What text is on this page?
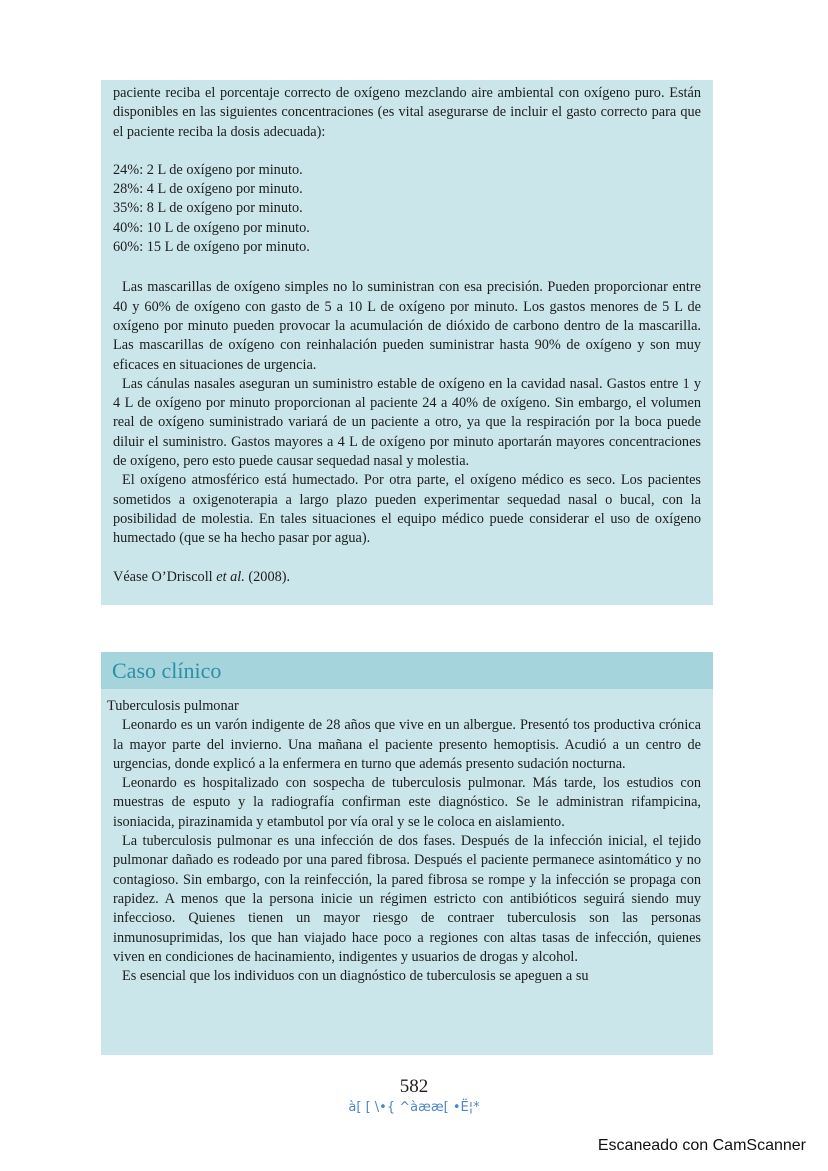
paciente reciba el porcentaje correcto de oxígeno mezclando aire ambiental con oxígeno puro. Están disponibles en las siguientes concentraciones (es vital asegurarse de incluir el gasto correcto para que el paciente reciba la dosis adecuada):

24%: 2 L de oxígeno por minuto.

28%: 4 L de oxígeno por minuto.

35%: 8 L de oxígeno por minuto.

40%: 10 L de oxígeno por minuto.

60%: 15 L de oxígeno por minuto.

Las mascarillas de oxígeno simples no lo suministran con esa precisión. Pueden proporcionar entre 40 y 60% de oxígeno con gasto de 5 a 10 L de oxígeno por minuto. Los gastos menores de 5 L de oxígeno por minuto pueden provocar la acumulación de dióxido de carbono dentro de la mascarilla. Las mascarillas de oxígeno con reinhalación pueden suministrar hasta 90% de oxígeno y son muy eficaces en situaciones de urgencia.

Las cánulas nasales aseguran un suministro estable de oxígeno en la cavidad nasal. Gastos entre 1 y 4 L de oxígeno por minuto proporcionan al paciente 24 a 40% de oxígeno. Sin embargo, el volumen real de oxígeno suministrado variará de un paciente a otro, ya que la respiración por la boca puede diluir el suministro. Gastos mayores a 4 L de oxígeno por minuto aportarán mayores concentraciones de oxígeno, pero esto puede causar sequedad nasal y molestia.

El oxígeno atmosférico está humectado. Por otra parte, el oxígeno médico es seco. Los pacientes sometidos a oxigenoterapia a largo plazo pueden experimentar sequedad nasal o bucal, con la posibilidad de molestia. En tales situaciones el equipo médico puede considerar el uso de oxígeno humectado (que se ha hecho pasar por agua).

Véase O’Driscoll et al. (2008).

Caso clínico

Tuberculosis pulmonar

Leonardo es un varón indigente de 28 años que vive en un albergue. Presentó tos productiva crónica la mayor parte del invierno. Una mañana el paciente presento hemoptisis. Acudió a un centro de urgencias, donde explicó a la enfermera en turno que además presento sudación nocturna.

Leonardo es hospitalizado con sospecha de tuberculosis pulmonar. Más tarde, los estudios con muestras de esputo y la radiografía confirman este diagnóstico. Se le administran rifampicina, isoniacida, pirazinamida y etambutol por vía oral y se le coloca en aislamiento.

La tuberculosis pulmonar es una infección de dos fases. Después de la infección inicial, el tejido pulmonar dañado es rodeado por una pared fibrosa. Después el paciente permanece asintomático y no contagioso. Sin embargo, con la reinfección, la pared fibrosa se rompe y la infección se propaga con rapidez. A menos que la persona inicie un régimen estricto con antibióticos seguirá siendo muy infeccioso. Quienes tienen un mayor riesgo de contraer tuberculosis son las personas inmunosuprimidas, los que han viajado hace poco a regiones con altas tasas de infección, quienes viven en condiciones de hacinamiento, indigentes y usuarios de drogas y alcohol.

Es esencial que los individuos con un diagnóstico de tuberculosis se apeguen a su

582
à[ [ \•{ ^àææ[ •Ë¦*
Escaneado con CamScanner
